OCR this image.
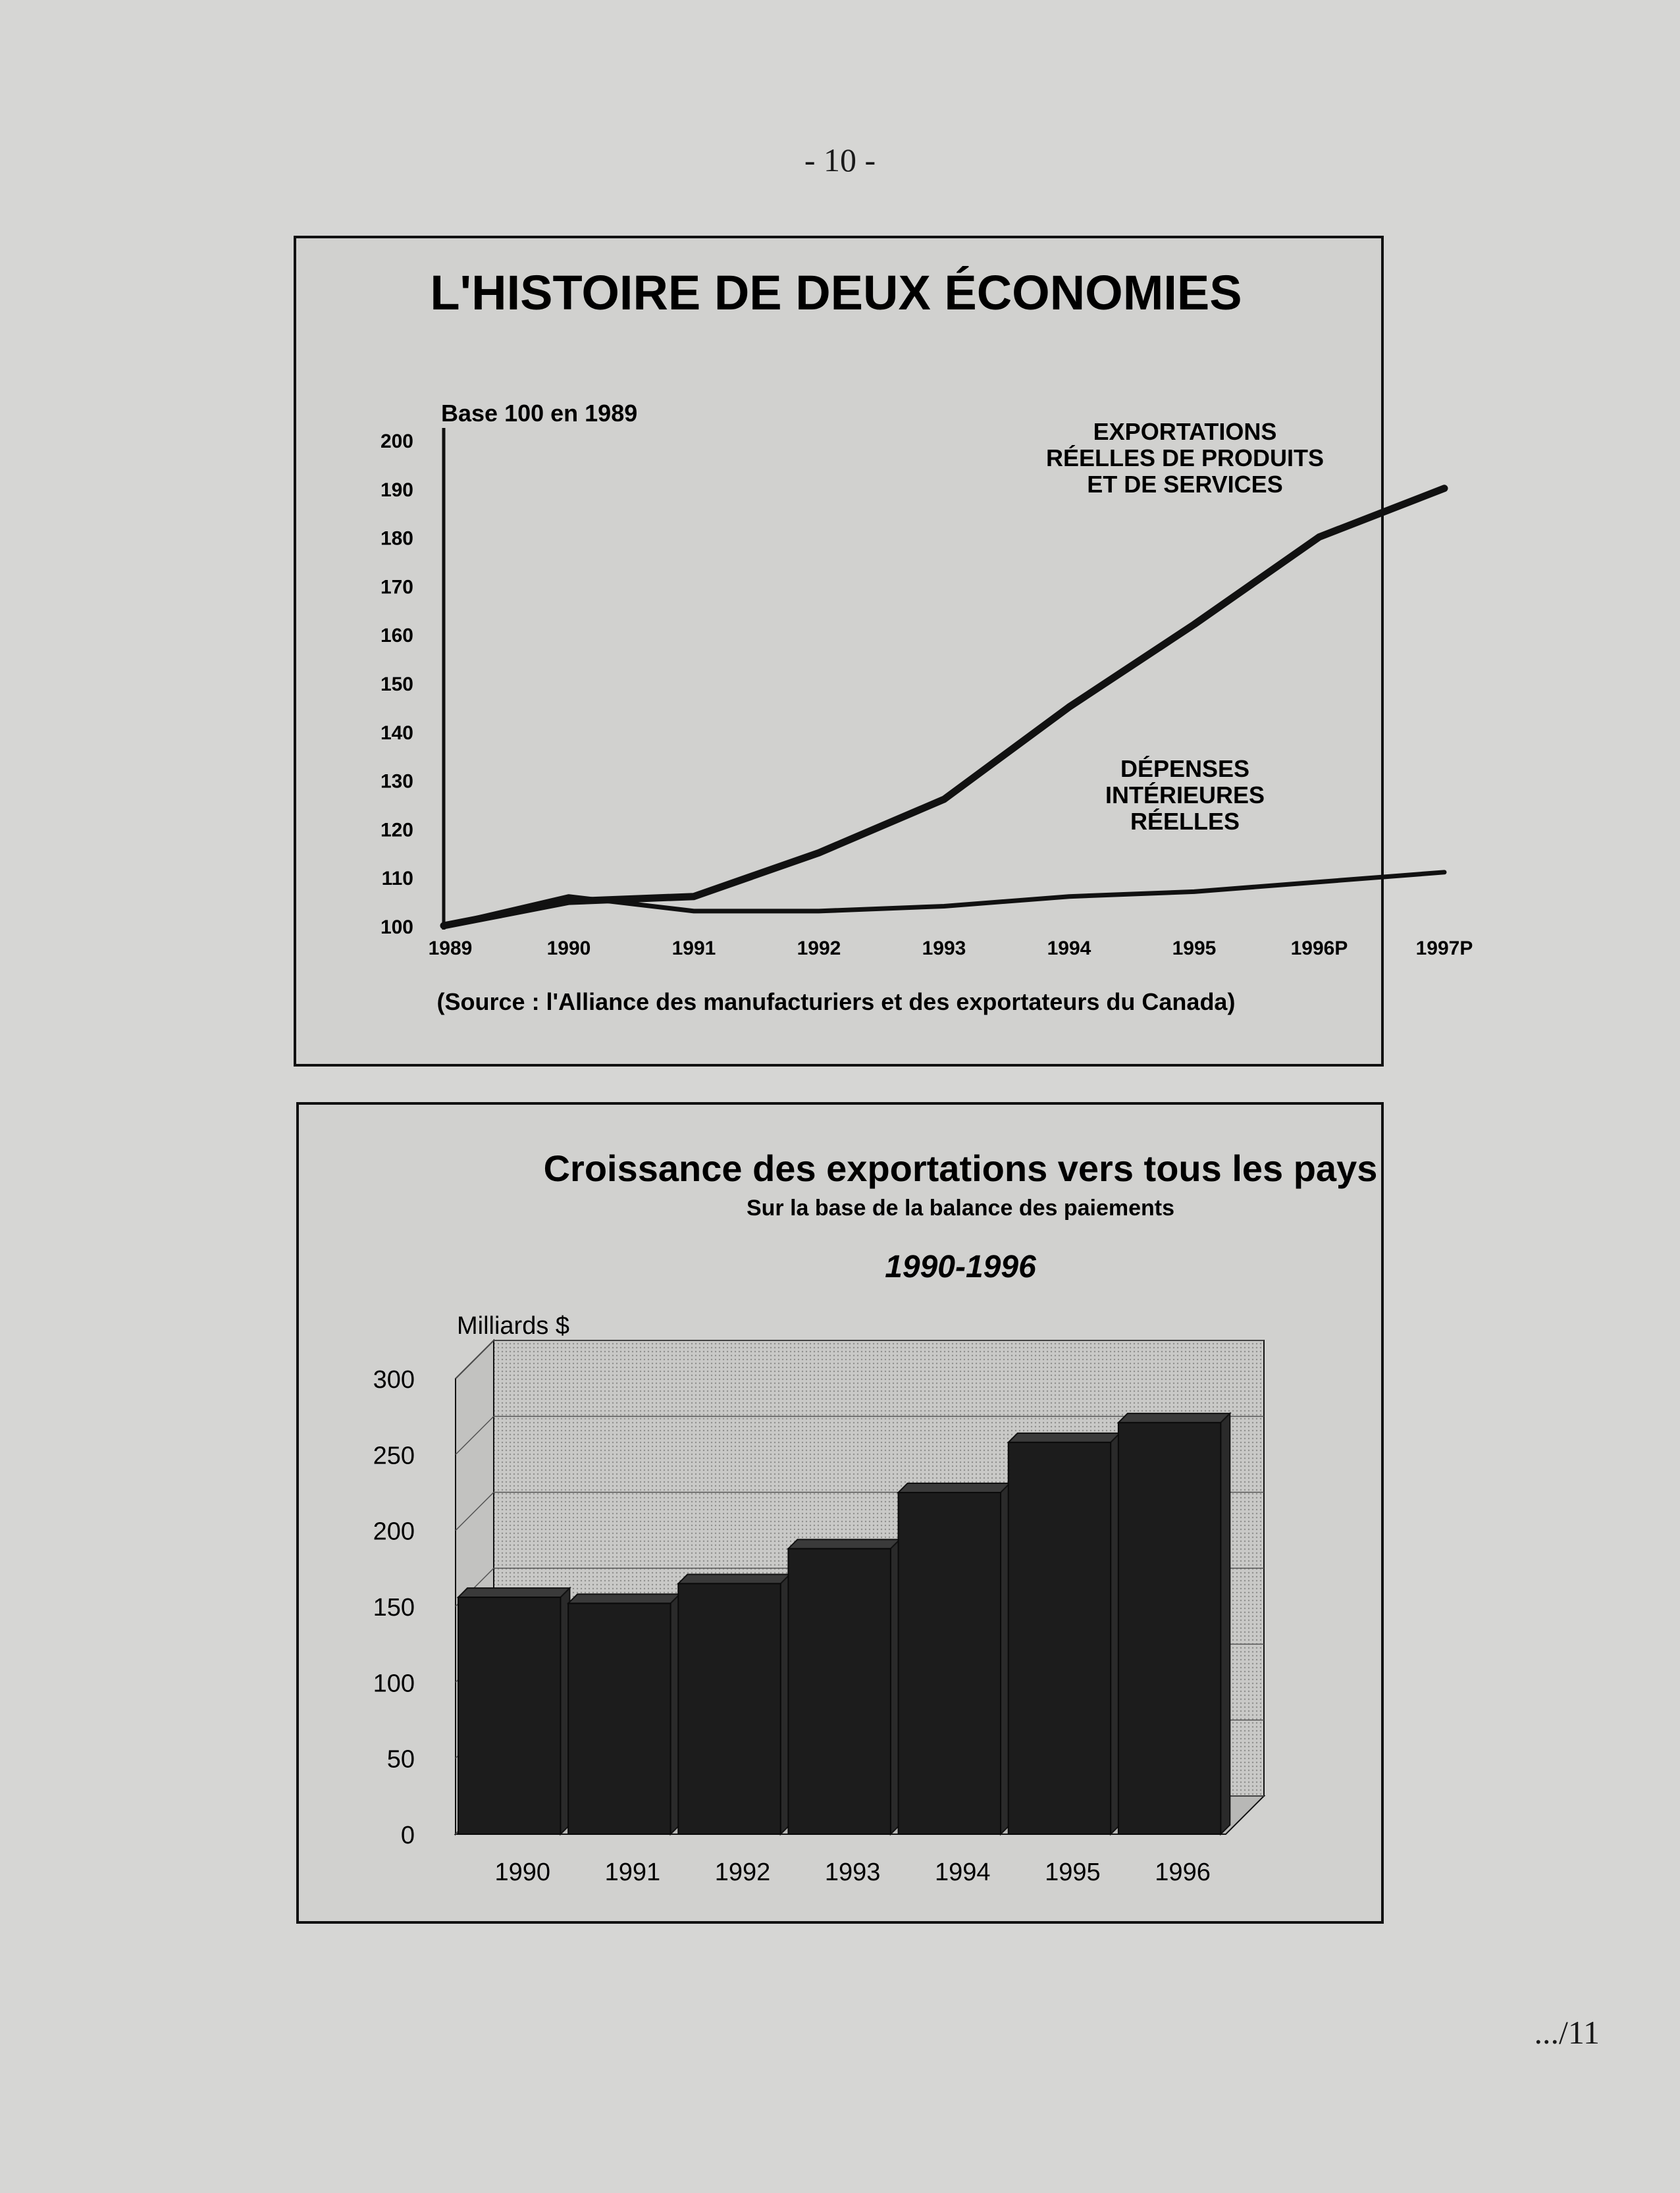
- 10 -
L'HISTOIRE DE DEUX ÉCONOMIES
Base 100 en 1989
200
190
180
170
160
150
140
130
120
110
100
1989	1990	1991	1992	1993	1994	1995	1996P	1997P
EXPORTATIONS RÉELLES DE PRODUITS ET DE SERVICES
DÉPENSES INTÉRIEURES RÉELLES
(Source : l'Alliance des manufacturiers et des exportateurs du Canada)
Croissance des exportations vers tous les pays
Sur la base de la balance des paiements
1990-1996
Milliards $
0
50
100
150
200
250
300
1990 1991 1992 1993 1994 1995 1996
.../11
